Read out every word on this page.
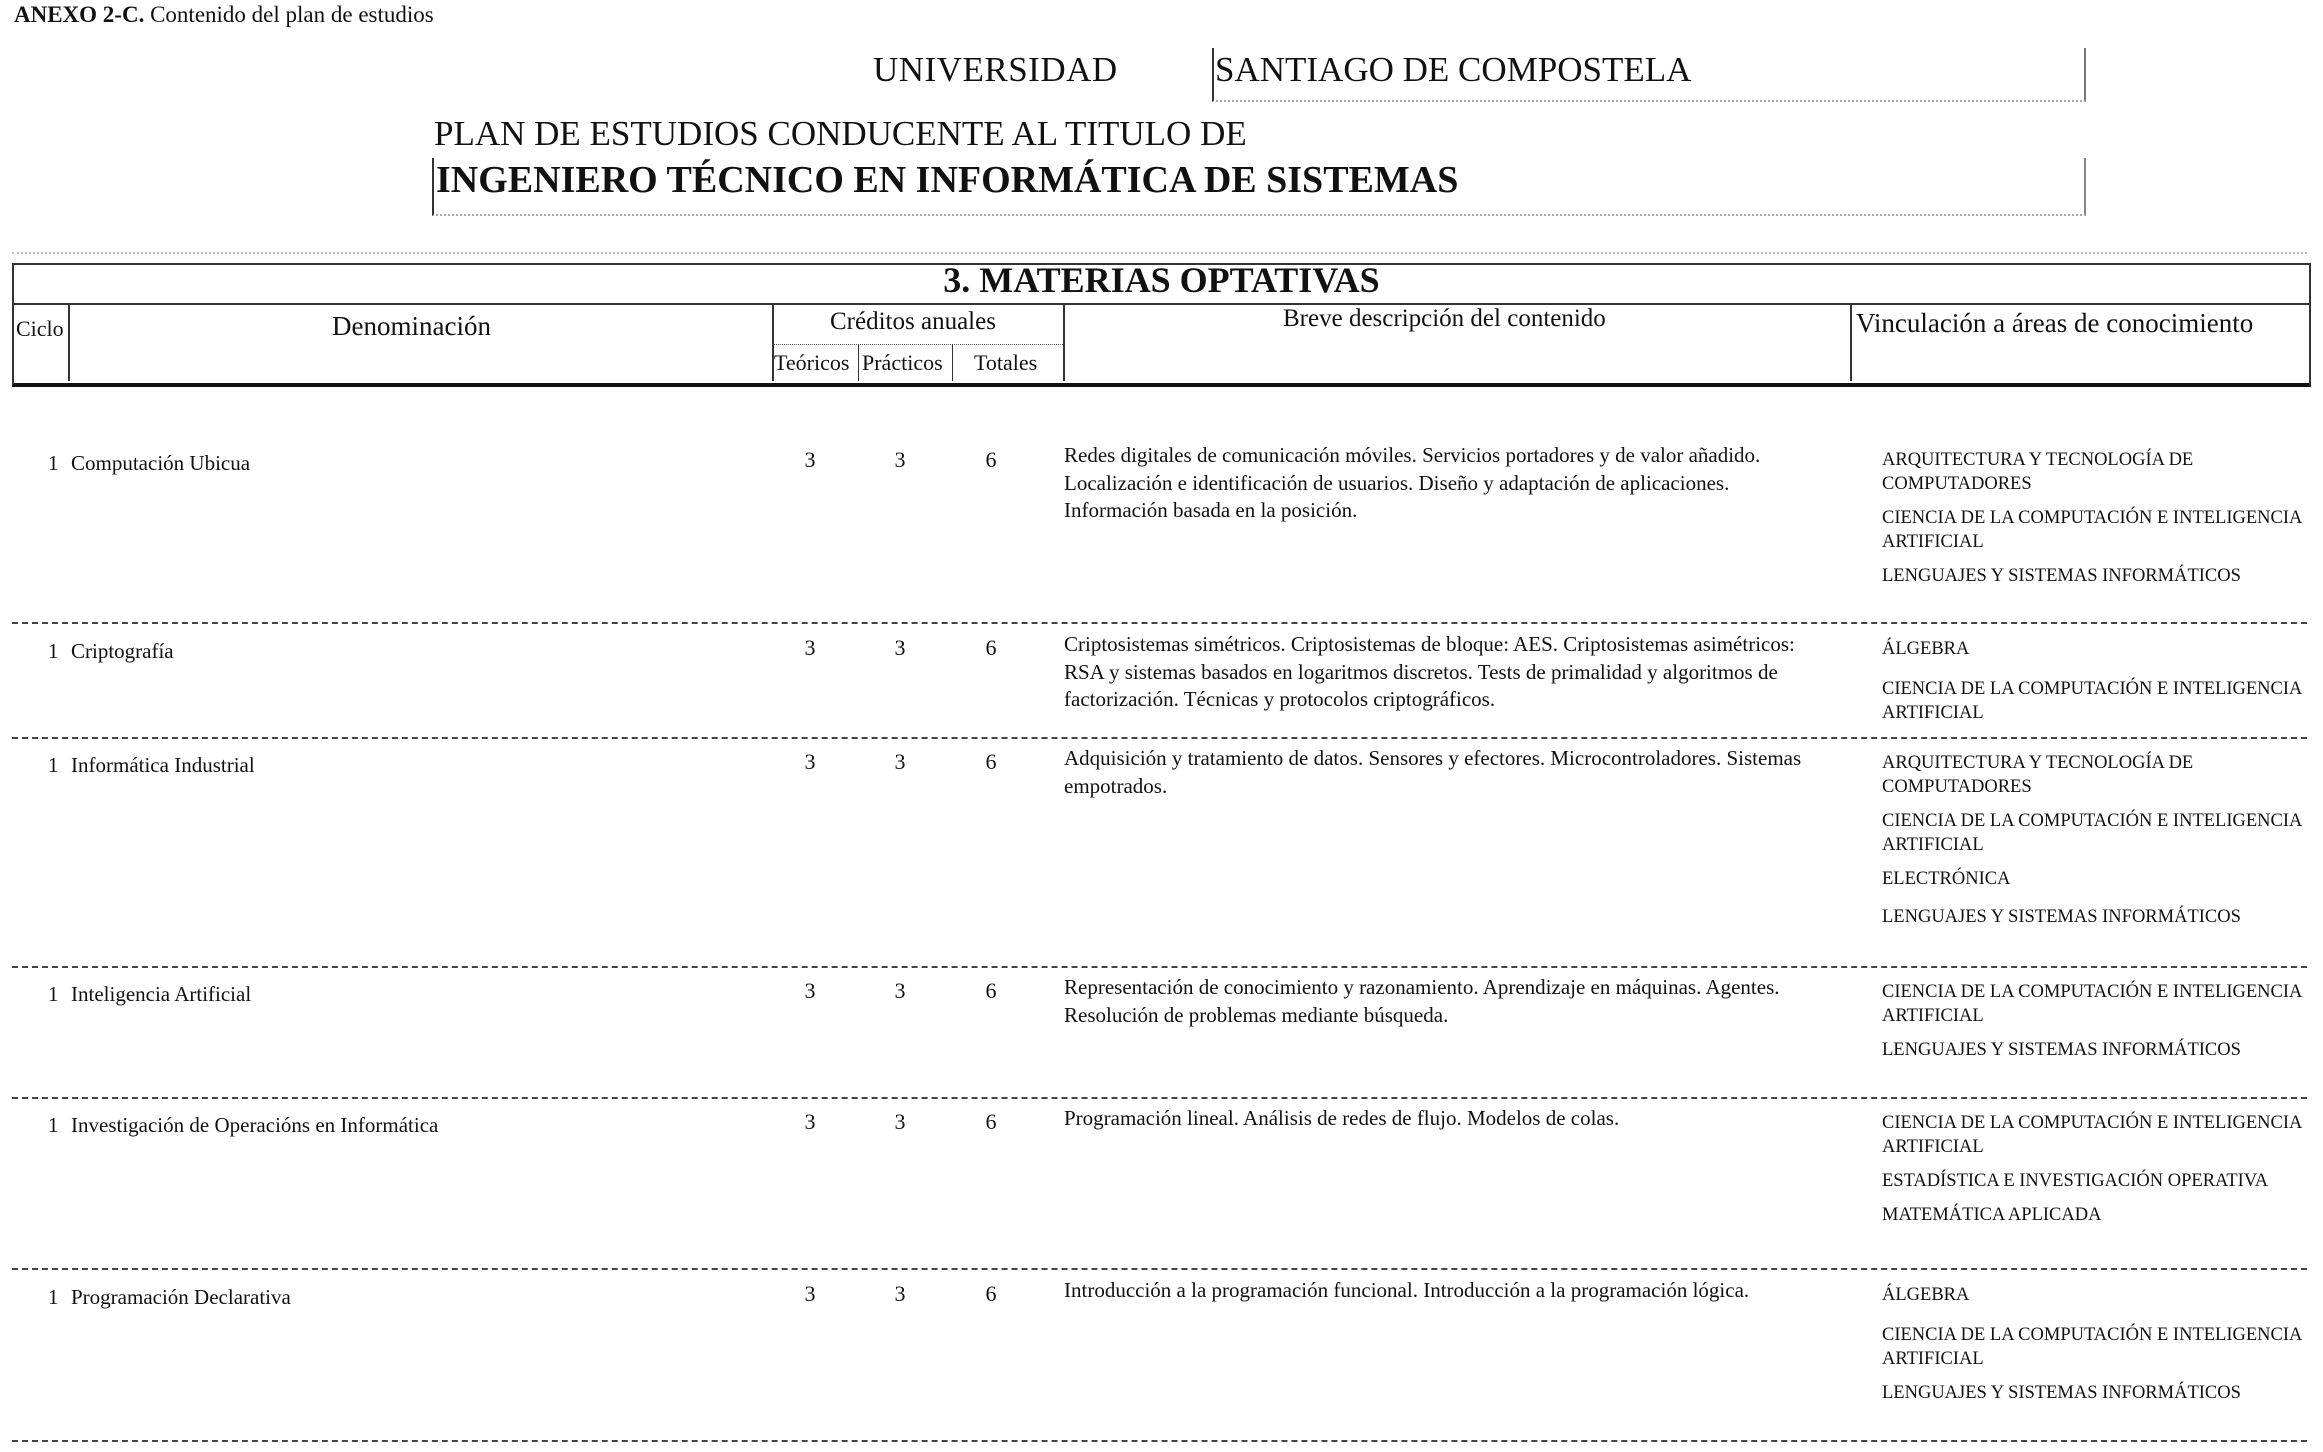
ANEXO 2-C. Contenido del plan de estudios
UNIVERSIDAD	SANTIAGO DE COMPOSTELA
PLAN DE ESTUDIOS CONDUCENTE AL TITULO DE
INGENIERO TÉCNICO EN INFORMÁTICA DE SISTEMAS
3. MATERIAS OPTATIVAS
Ciclo	Denominación	Créditos anuales
Teóricos Prácticos Totales
Breve descripción del contenido	Vinculación a áreas de conocimiento
1 Computación Ubicua	3	3	6	Redes digitales de comunicación móviles. Servicios portadores y de valor añadido. Localización e identificación de usuarios. Diseño y adaptación de aplicaciones. Información basada en la posición.
ARQUITECTURA Y TECNOLOGÍA DE COMPUTADORES
CIENCIA DE LA COMPUTACIÓN E INTELIGENCIA ARTIFICIAL
LENGUAJES Y SISTEMAS INFORMÁTICOS
1 Criptografía	3	3	6	Criptosistemas simétricos. Criptosistemas de bloque: AES. Criptosistemas asimétricos: RSA y sistemas basados en logaritmos discretos. Tests de primalidad y algoritmos de factorización. Técnicas y protocolos criptográficos.
ÁLGEBRA
CIENCIA DE LA COMPUTACIÓN E INTELIGENCIA ARTIFICIAL
1 Informática Industrial	3	3	6	Adquisición y tratamiento de datos. Sensores y efectores. Microcontroladores. Sistemas empotrados.
ARQUITECTURA Y TECNOLOGÍA DE COMPUTADORES
CIENCIA DE LA COMPUTACIÓN E INTELIGENCIA ARTIFICIAL
ELECTRÓNICA
LENGUAJES Y SISTEMAS INFORMÁTICOS
1 Inteligencia Artificial	3	3	6	Representación de conocimiento y razonamiento. Aprendizaje en máquinas. Agentes. Resolución de problemas mediante búsqueda.
CIENCIA DE LA COMPUTACIÓN E INTELIGENCIA ARTIFICIAL
LENGUAJES Y SISTEMAS INFORMÁTICOS
1 Investigación de Operacións en Informática	3	3	6	Programación lineal. Análisis de redes de flujo. Modelos de colas.	CIENCIA DE LA COMPUTACIÓN E INTELIGENCIA ARTIFICIAL
ESTADÍSTICA E INVESTIGACIÓN OPERATIVA
MATEMÁTICA APLICADA
1 Programación Declarativa	3	3	6	Introducción a la programación funcional. Introducción a la programación lógica.	ÁLGEBRA
CIENCIA DE LA COMPUTACIÓN E INTELIGENCIA ARTIFICIAL
LENGUAJES Y SISTEMAS INFORMÁTICOS
